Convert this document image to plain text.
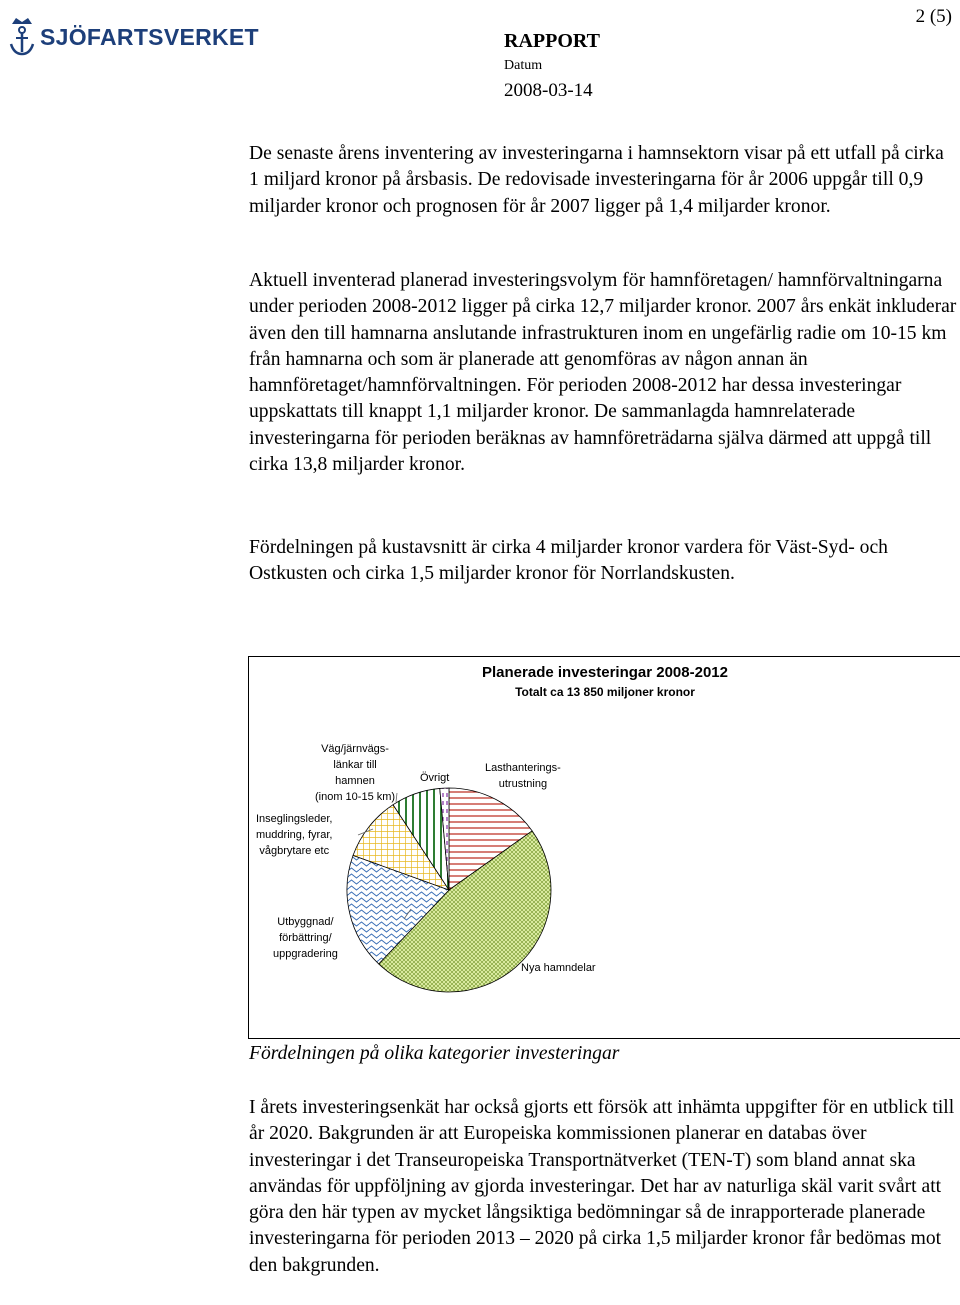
SJÖFARTSVERKET
2 (5)
RAPPORT
Datum
2008-03-14

De senaste årens inventering av investeringarna i hamnsektorn visar på ett utfall på cirka 1 miljard kronor på årsbasis. De redovisade investeringarna för år 2006 uppgår till 0,9 miljarder kronor och prognosen för år 2007 ligger på 1,4 miljarder kronor.

Aktuell inventerad planerad investeringsvolym för hamnföretagen/ hamnförvaltningarna under perioden 2008-2012 ligger på cirka 12,7 miljarder kronor. 2007 års enkät inkluderar även den till hamnarna anslutande infrastrukturen inom en ungefärlig radie om 10-15 km från hamnarna och som är planerade att genomföras av någon annan än hamnföretaget/hamnförvaltningen. För perioden 2008-2012 har dessa investeringar uppskattats till knappt 1,1 miljarder kronor. De sammanlagda hamnrelaterade investeringarna för perioden beräknas av hamnföreträdarna själva därmed att uppgå till cirka 13,8 miljarder kronor.

Fördelningen på kustavsnitt är cirka 4 miljarder kronor vardera för Väst-Syd- och Ostkusten och cirka 1,5 miljarder kronor för Norrlandskusten.

Planerade investeringar 2008-2012
Totalt ca 13 850 miljoner kronor
Lasthanterings-
utrustning
Nya hamndelar
Utbyggnad/
förbättring/
uppgradering
Inseglingsleder,
muddring, fyrar,
vågbrytare etc
Väg/järnvägs-
länkar till
hamnen
(inom 10-15 km)
Övrigt
Fördelningen på olika kategorier investeringar

I årets investeringsenkät har också gjorts ett försök att inhämta uppgifter för en utblick till år 2020. Bakgrunden är att Europeiska kommissionen planerar en databas över investeringar i det Transeuropeiska Transportnätverket (TEN-T) som bland annat ska användas för uppföljning av gjorda investeringar. Det har av naturliga skäl varit svårt att göra den här typen av mycket långsiktiga bedömningar så de inrapporterade planerade investeringarna för perioden 2013 – 2020 på cirka 1,5 miljarder kronor får bedömas mot den bakgrunden.
